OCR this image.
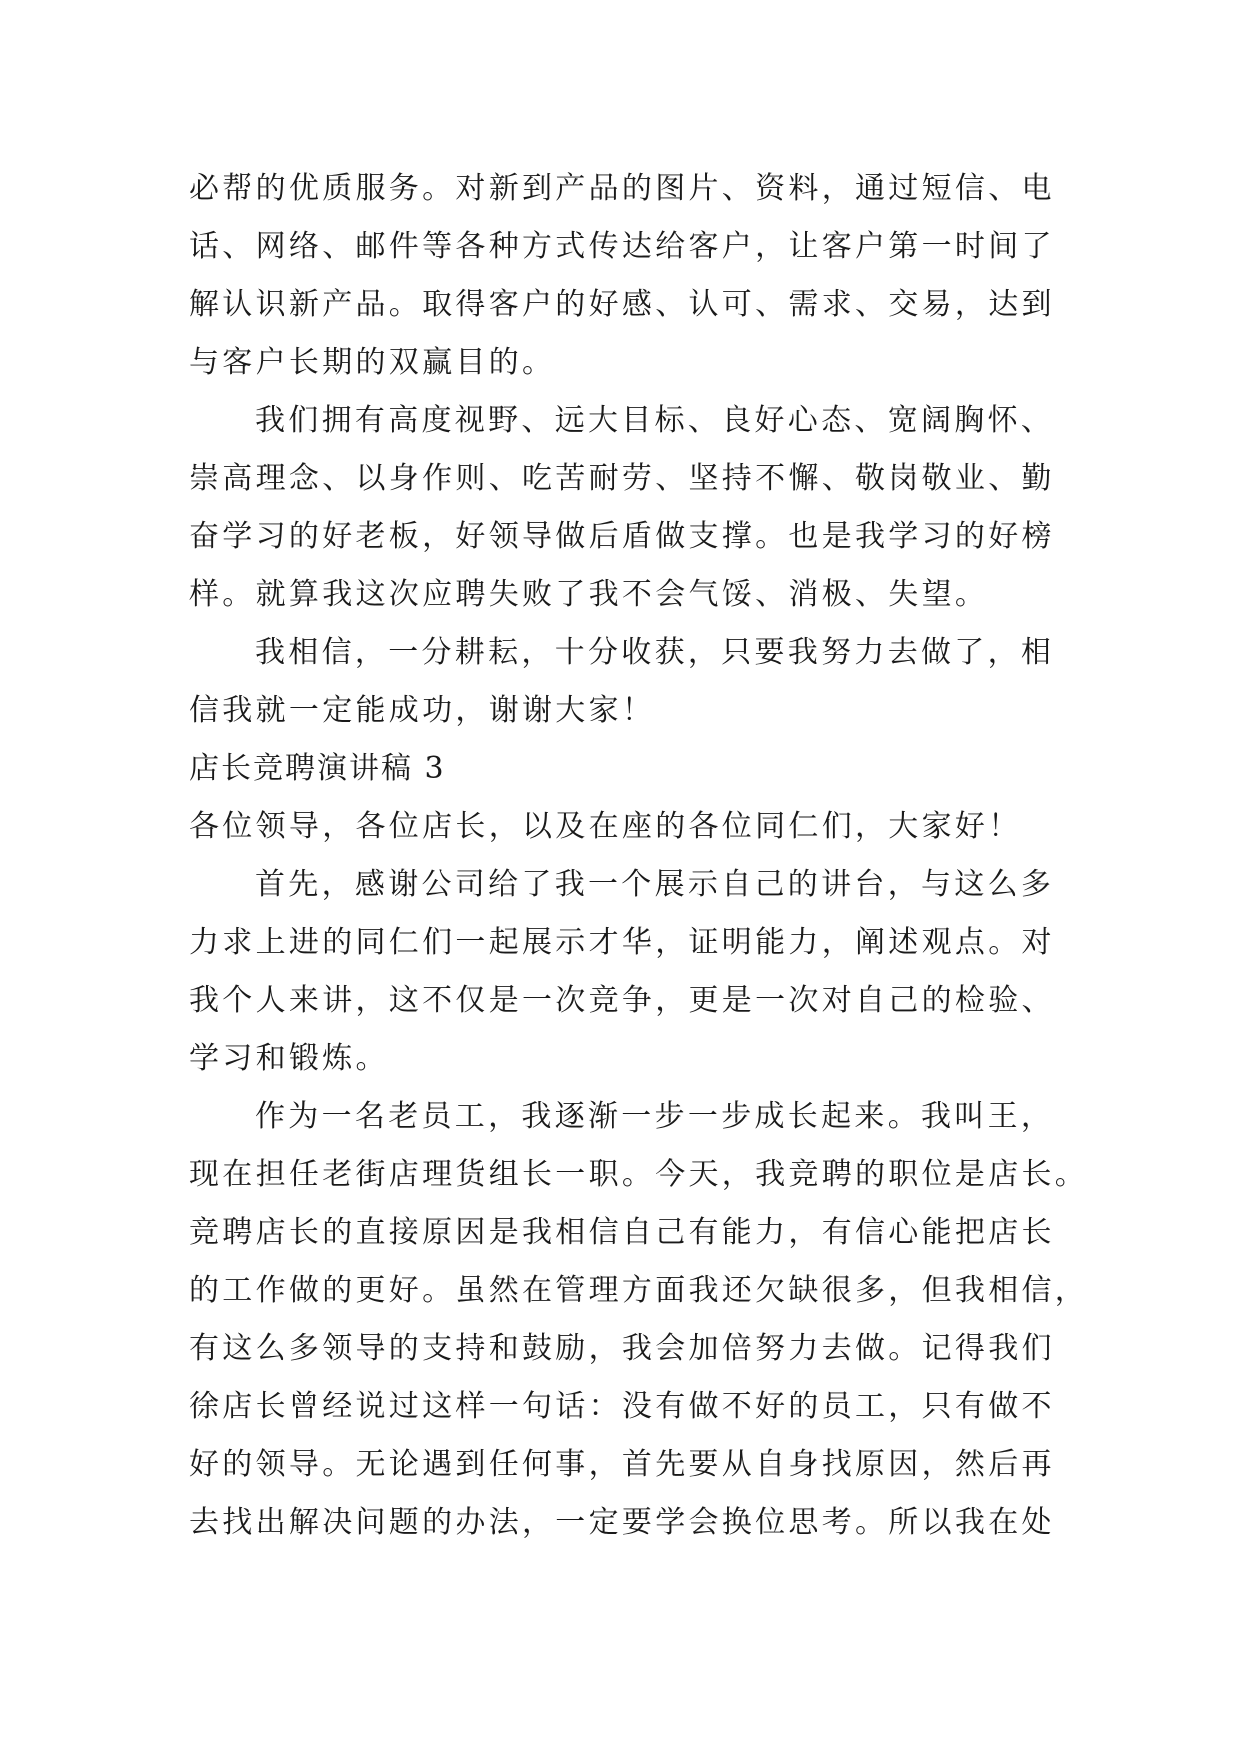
必帮的优质服务。对新到产品的图片、资料，通过短信、电
话、网络、邮件等各种方式传达给客户，让客户第一时间了
解认识新产品。取得客户的好感、认可、需求、交易，达到
与客户长期的双赢目的。
我们拥有高度视野、远大目标、良好心态、宽阔胸怀、
崇高理念、以身作则、吃苦耐劳、坚持不懈、敬岗敬业、勤
奋学习的好老板，好领导做后盾做支撑。也是我学习的好榜
样。就算我这次应聘失败了我不会气馁、消极、失望。
我相信，一分耕耘，十分收获，只要我努力去做了，相
信我就一定能成功，谢谢大家！
店长竞聘演讲稿 3
各位领导，各位店长，以及在座的各位同仁们，大家好！
首先，感谢公司给了我一个展示自己的讲台，与这么多
力求上进的同仁们一起展示才华，证明能力，阐述观点。对
我个人来讲，这不仅是一次竞争，更是一次对自己的检验、
学习和锻炼。
作为一名老员工，我逐渐一步一步成长起来。我叫王，
现在担任老街店理货组长一职。今天，我竞聘的职位是店长。
竞聘店长的直接原因是我相信自己有能力，有信心能把店长
的工作做的更好。虽然在管理方面我还欠缺很多，但我相信，
有这么多领导的支持和鼓励，我会加倍努力去做。记得我们
徐店长曾经说过这样一句话：没有做不好的员工，只有做不
好的领导。无论遇到任何事，首先要从自身找原因，然后再
去找出解决问题的办法，一定要学会换位思考。所以我在处
